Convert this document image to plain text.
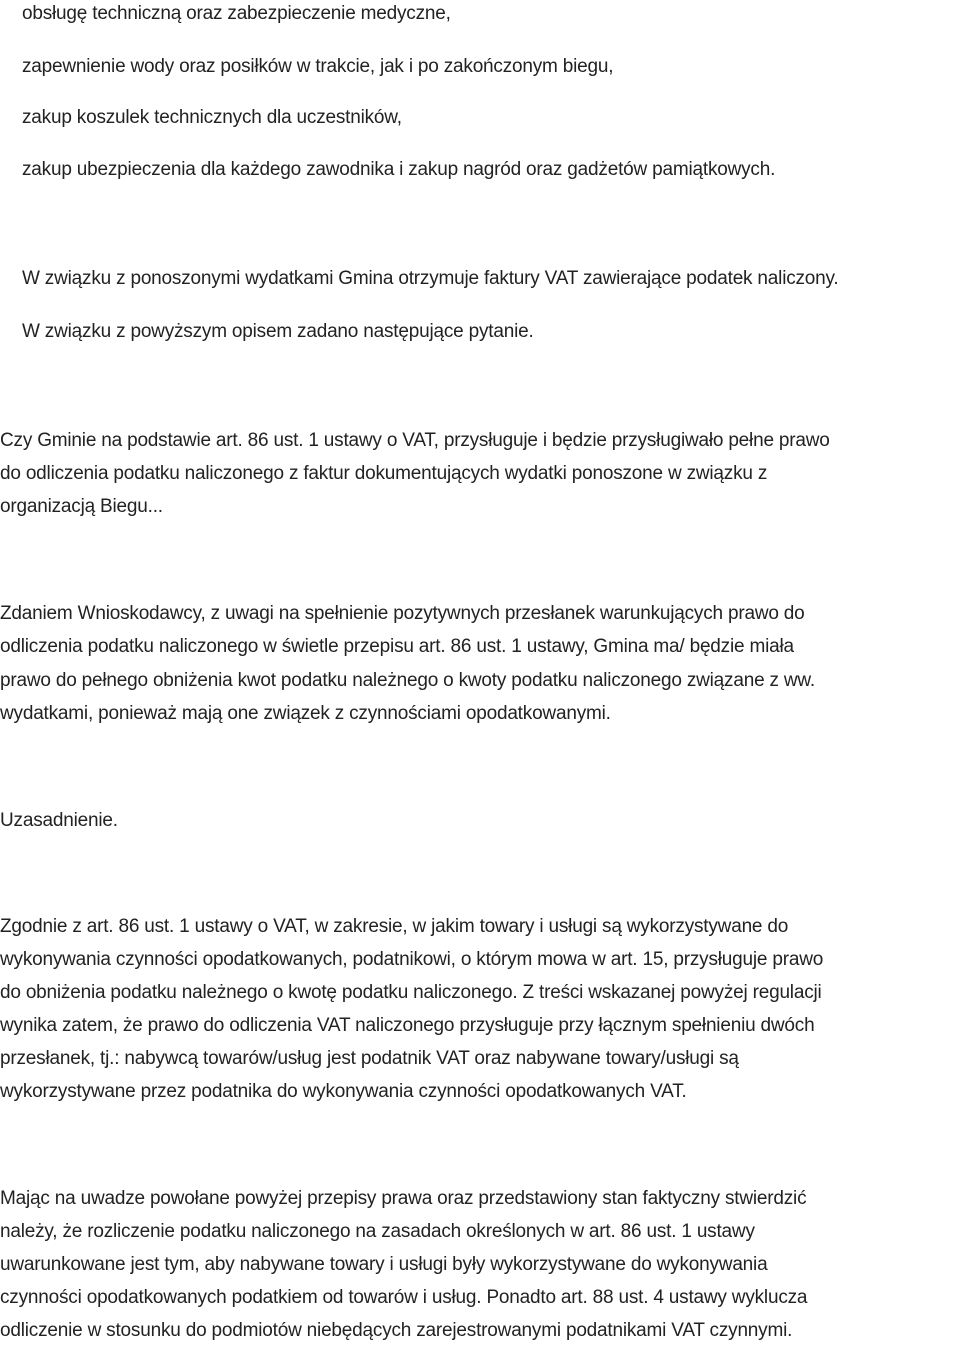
obsługę techniczną oraz zabezpieczenie medyczne,
zapewnienie wody oraz posiłków w trakcie, jak i po zakończonym biegu,
zakup koszulek technicznych dla uczestników,
zakup ubezpieczenia dla każdego zawodnika i zakup nagród oraz gadżetów pamiątkowych.
W związku z ponoszonymi wydatkami Gmina otrzymuje faktury VAT zawierające podatek naliczony.
W związku z powyższym opisem zadano następujące pytanie.
Czy Gminie na podstawie art. 86 ust. 1 ustawy o VAT, przysługuje i będzie przysługiwało pełne prawo
do odliczenia podatku naliczonego z faktur dokumentujących wydatki ponoszone w związku z
organizacją Biegu...
Zdaniem Wnioskodawcy, z uwagi na spełnienie pozytywnych przesłanek warunkujących prawo do
odliczenia podatku naliczonego w świetle przepisu art. 86 ust. 1 ustawy, Gmina ma/ będzie miała
prawo do pełnego obniżenia kwot podatku należnego o kwoty podatku naliczonego związane z ww.
wydatkami, ponieważ mają one związek z czynnościami opodatkowanymi.
Uzasadnienie.
Zgodnie z art. 86 ust. 1 ustawy o VAT, w zakresie, w jakim towary i usługi są wykorzystywane do
wykonywania czynności opodatkowanych, podatnikowi, o którym mowa w art. 15, przysługuje prawo
do obniżenia podatku należnego o kwotę podatku naliczonego. Z treści wskazanej powyżej regulacji
wynika zatem, że prawo do odliczenia VAT naliczonego przysługuje przy łącznym spełnieniu dwóch
przesłanek, tj.: nabywcą towarów/usług jest podatnik VAT oraz nabywane towary/usługi są
wykorzystywane przez podatnika do wykonywania czynności opodatkowanych VAT.
Mając na uwadze powołane powyżej przepisy prawa oraz przedstawiony stan faktyczny stwierdzić
należy, że rozliczenie podatku naliczonego na zasadach określonych w art. 86 ust. 1 ustawy
uwarunkowane jest tym, aby nabywane towary i usługi były wykorzystywane do wykonywania
czynności opodatkowanych podatkiem od towarów i usług. Ponadto art. 88 ust. 4 ustawy wyklucza
odliczenie w stosunku do podmiotów niebędących zarejestrowanymi podatnikami VAT czynnymi.
